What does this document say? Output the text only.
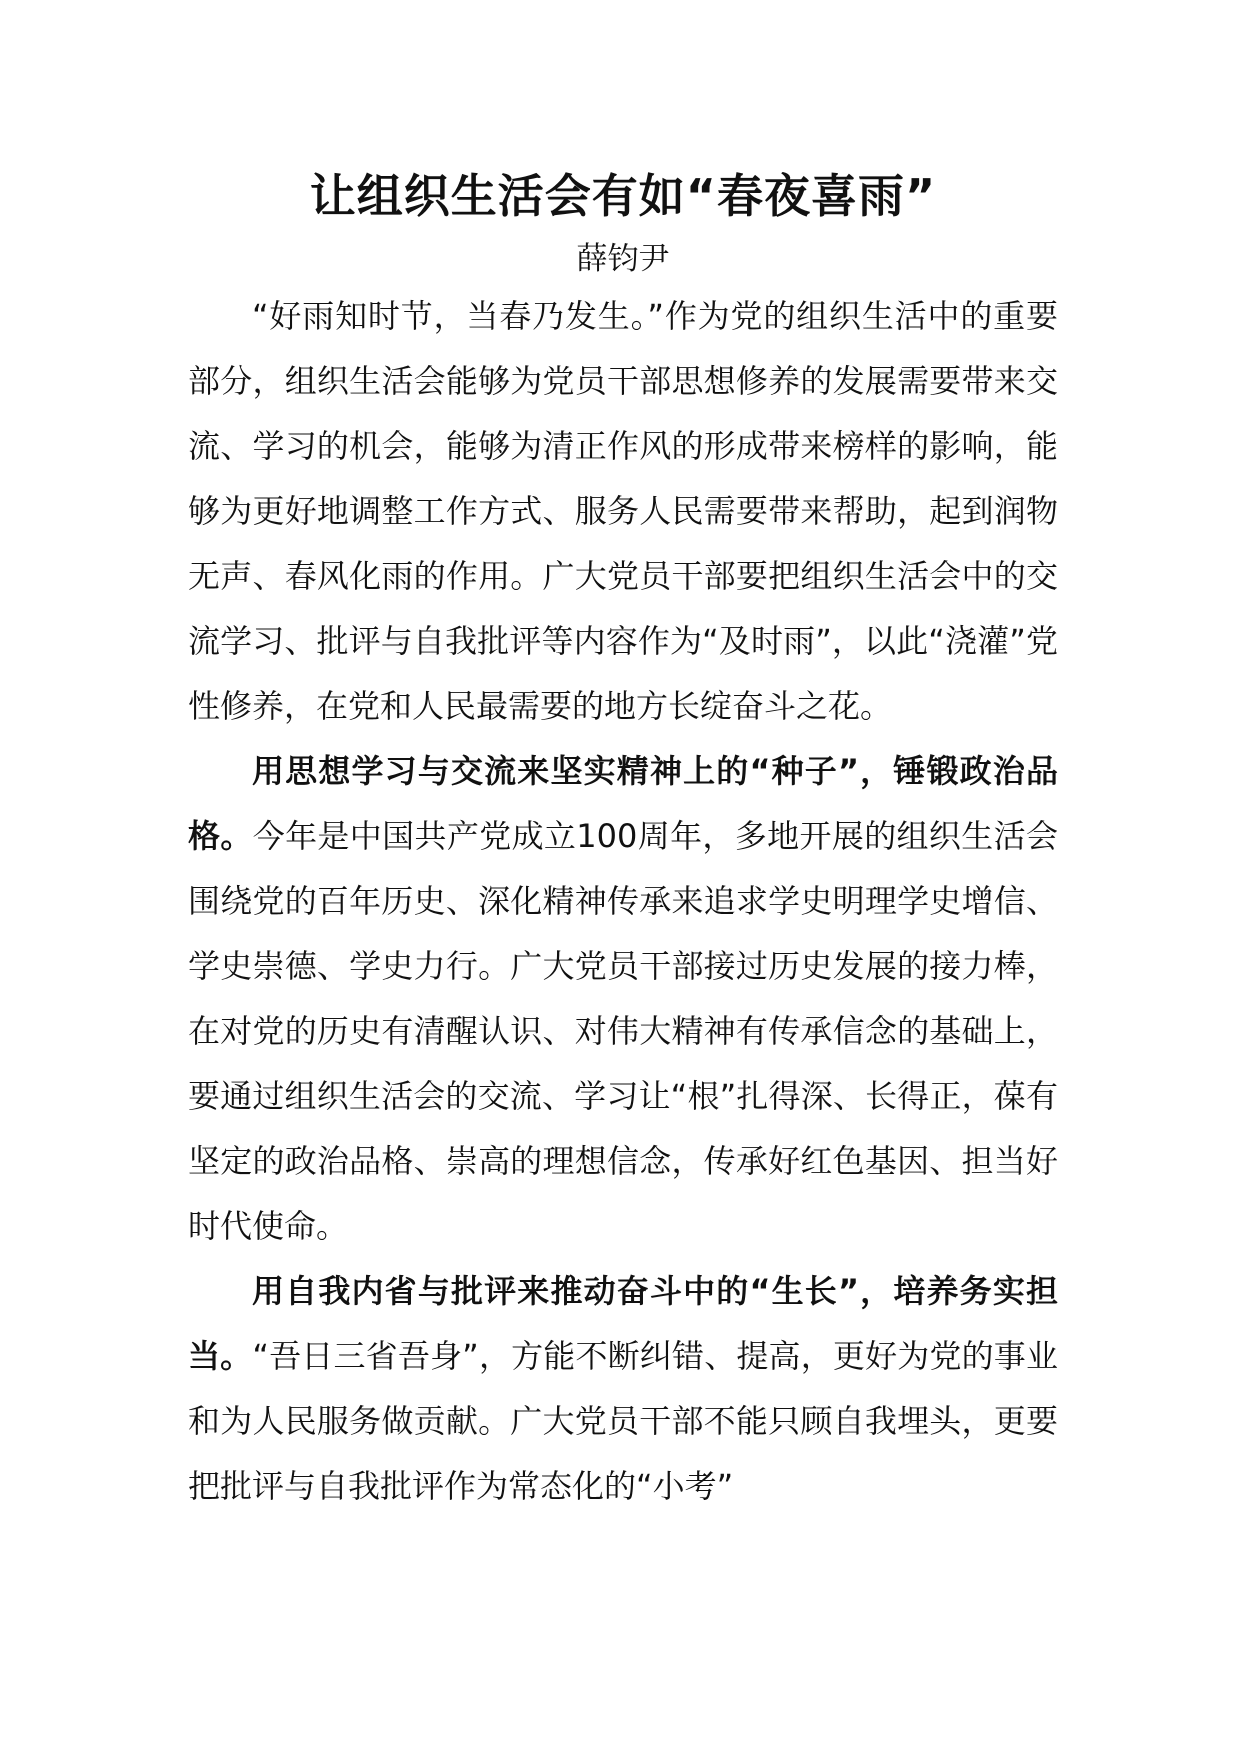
让组织生活会有如“春夜喜雨”
薛钧尹

“好雨知时节，当春乃发生。”作为党的组织生活中的重要部分，组织生活会能够为党员干部思想修养的发展需要带来交流、学习的机会，能够为清正作风的形成带来榜样的影响，能够为更好地调整工作方式、服务人民需要带来帮助，起到润物无声、春风化雨的作用。广大党员干部要把组织生活会中的交流学习、批评与自我批评等内容作为“及时雨”，以此“浇灌”党性修养，在党和人民最需要的地方长绽奋斗之花。

用思想学习与交流来坚实精神上的“种子”，锤锻政治品格。今年是中国共产党成立100周年，多地开展的组织生活会围绕党的百年历史、深化精神传承来追求学史明理学史增信、学史崇德、学史力行。广大党员干部接过历史发展的接力棒，在对党的历史有清醒认识、对伟大精神有传承信念的基础上，要通过组织生活会的交流、学习让“根”扎得深、长得正，葆有坚定的政治品格、崇高的理想信念，传承好红色基因、担当好时代使命。

用自我内省与批评来推动奋斗中的“生长”，培养务实担当。“吾日三省吾身”，方能不断纠错、提高，更好为党的事业和为人民服务做贡献。广大党员干部不能只顾自我埋头，更要把批评与自我批评作为常态化的“小考”
